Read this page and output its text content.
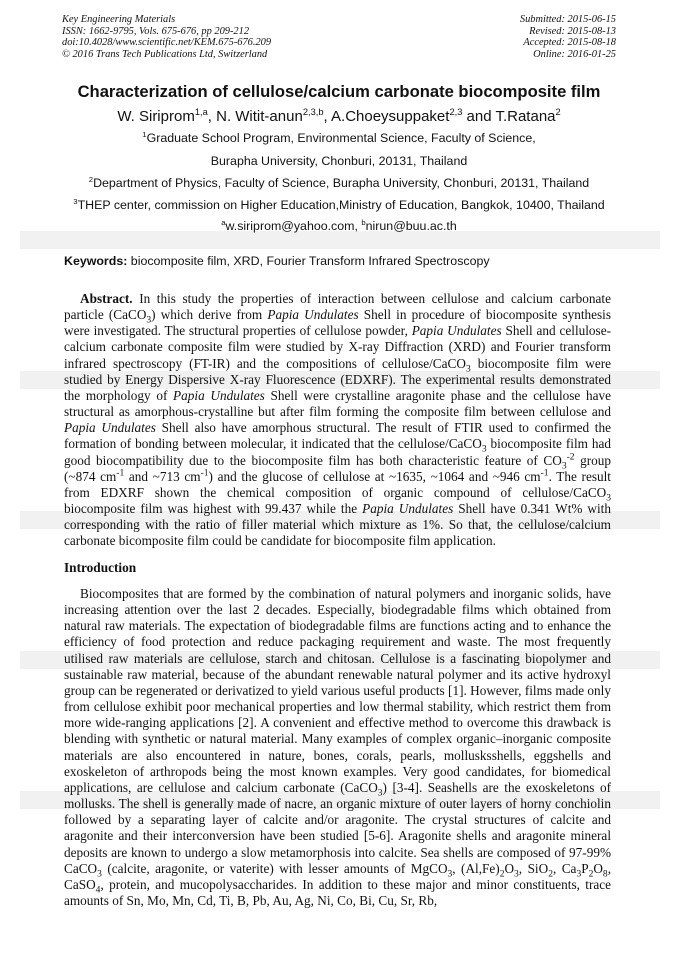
Key Engineering Materials
ISSN: 1662-9795, Vols. 675-676, pp 209-212
doi:10.4028/www.scientific.net/KEM.675-676.209
© 2016 Trans Tech Publications Ltd, Switzerland
Submitted: 2015-06-15
Revised: 2015-08-13
Accepted: 2015-08-18
Online: 2016-01-25
Characterization of cellulose/calcium carbonate biocomposite film
W. Siriprom$^{1,a}$, N. Witit-anun$^{2,3,b}$, A.Choeysuppaket$^{2,3}$ and T.Ratana$^2$
$^1$Graduate School Program, Environmental Science, Faculty of Science,
Burapha University, Chonburi, 20131, Thailand
$^2$Department of Physics, Faculty of Science, Burapha University, Chonburi, 20131, Thailand
$^3$THEP center, commission on Higher Education,Ministry of Education, Bangkok, 10400, Thailand
$^a$w.siriprom@yahoo.com, $^b$nirun@buu.ac.th
Keywords: biocomposite film, XRD, Fourier Transform Infrared Spectroscopy
Abstract. In this study the properties of interaction between cellulose and calcium carbonate particle (CaCO$_3$) which derive from Papia Undulates Shell in procedure of biocomposite synthesis were investigated. The structural properties of cellulose powder, Papia Undulates Shell and cellulose-calcium carbonate composite film were studied by X-ray Diffraction (XRD) and Fourier transform infrared spectroscopy (FT-IR) and the compositions of cellulose/CaCO$_3$ biocomposite film were studied by Energy Dispersive X-ray Fluorescence (EDXRF). The experimental results demonstrated the morphology of Papia Undulates Shell were crystalline aragonite phase and the cellulose have structural as amorphous-crystalline but after film forming the composite film between cellulose and Papia Undulates Shell also have amorphous structural. The result of FTIR used to confirmed the formation of bonding between molecular, it indicated that the cellulose/CaCO$_3$ biocomposite film had good biocompatibility due to the biocomposite film has both characteristic feature of $CO_3^{-2}$ group (~874 $cm^{-1}$ and ~713 $cm^{-1}$) and the glucose of cellulose at ~1635, ~1064 and ~946 $cm^{-1}$. The result from EDXRF shown the chemical composition of organic compound of cellulose/CaCO$_3$ biocomposite film was highest with 99.437 while the Papia Undulates Shell have 0.341 Wt% with corresponding with the ratio of filler material which mixture as 1%. So that, the cellulose/calcium carbonate bicomposite film could be candidate for biocomposite film application.
Introduction
Biocomposites that are formed by the combination of natural polymers and inorganic solids, have increasing attention over the last 2 decades. Especially, biodegradable films which obtained from natural raw materials. The expectation of biodegradable films are functions acting and to enhance the efficiency of food protection and reduce packaging requirement and waste. The most frequently utilised raw materials are cellulose, starch and chitosan. Cellulose is a fascinating biopolymer and sustainable raw material, because of the abundant renewable natural polymer and its active hydroxyl group can be regenerated or derivatized to yield various useful products [1]. However, films made only from cellulose exhibit poor mechanical properties and low thermal stability, which restrict them from more wide-ranging applications [2]. A convenient and effective method to overcome this drawback is blending with synthetic or natural material. Many examples of complex organic–inorganic composite materials are also encountered in nature, bones, corals, pearls, mollusksshells, eggshells and exoskeleton of arthropods being the most known examples. Very good candidates, for biomedical applications, are cellulose and calcium carbonate (CaCO$_3$) [3-4]. Seashells are the exoskeletons of mollusks. The shell is generally made of nacre, an organic mixture of outer layers of horny conchiolin followed by a separating layer of calcite and/or aragonite. The crystal structures of calcite and aragonite and their interconversion have been studied [5-6]. Aragonite shells and aragonite mineral deposits are known to undergo a slow metamorphosis into calcite. Sea shells are composed of 97-99% CaCO$_3$ (calcite, aragonite, or vaterite) with lesser amounts of MgCO$_3$, $(Al,Fe)_2O_3$, SiO$_2$, $Ca_3P_2O_8$, CaSO$_4$, protein, and mucopolysaccharides. In addition to these major and minor constituents, trace amounts of Sn, Mo, Mn, Cd, Ti, B, Pb, Au, Ag, Ni, Co, Bi, Cu, Sr, Rb,
